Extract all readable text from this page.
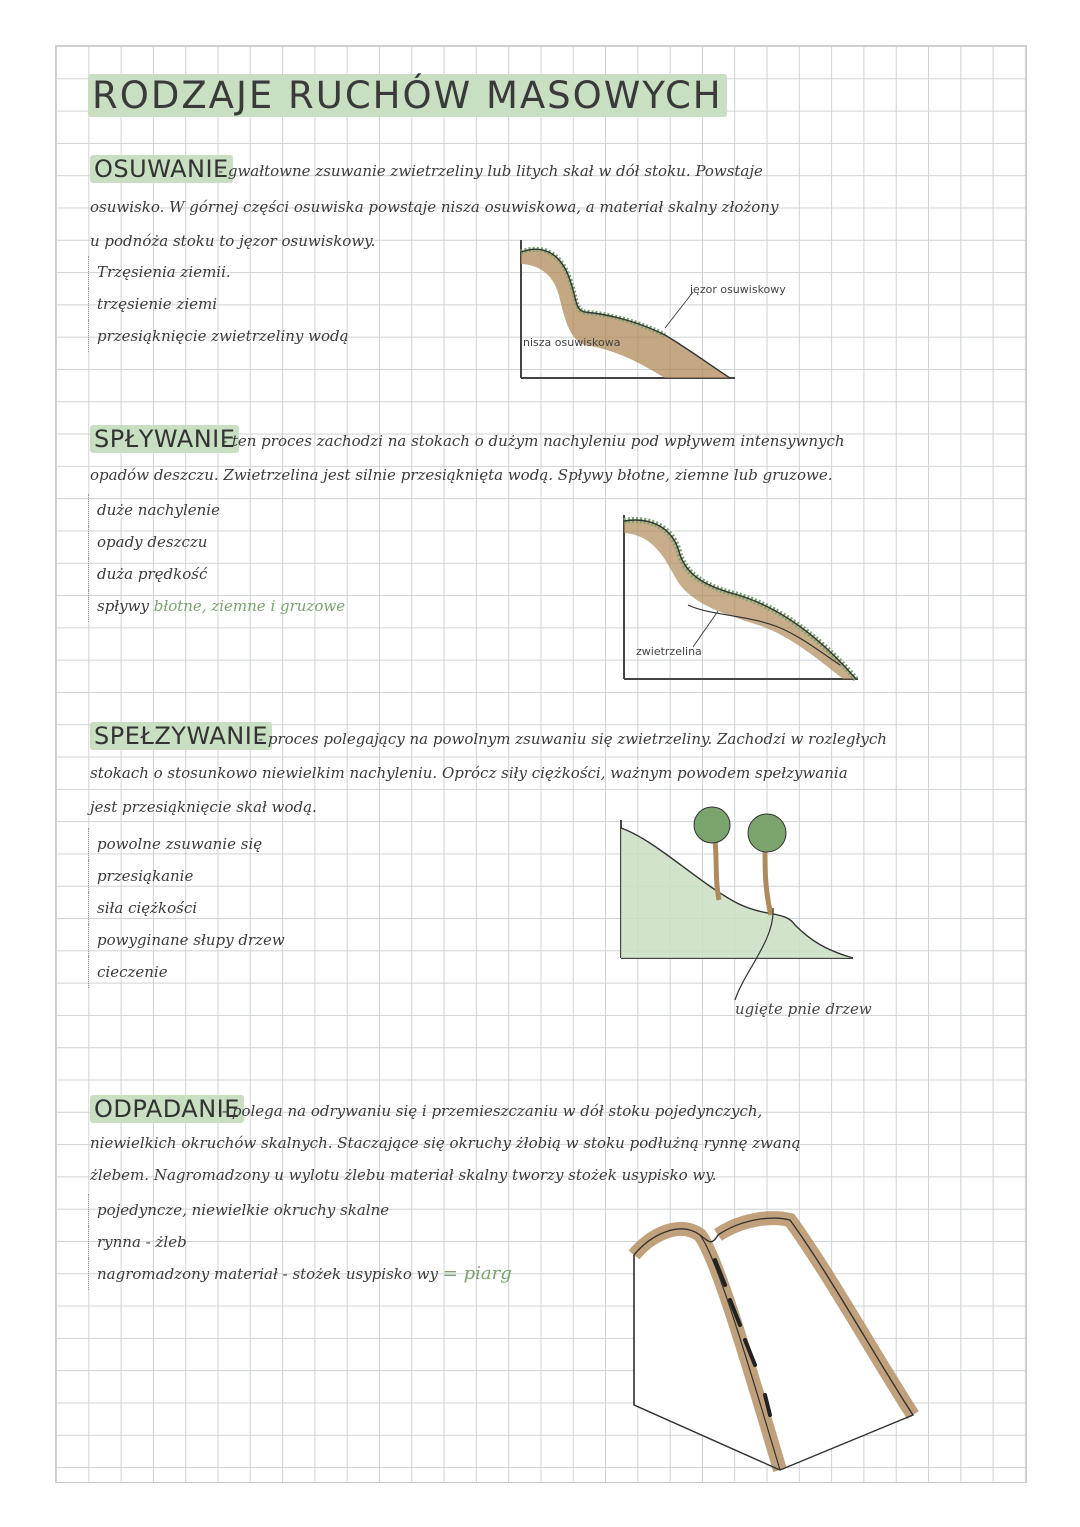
RODZAJE RUCHÓW MASOWYCH
OSUWANIE
- gwałtowne zsuwanie zwietrzeliny lub litych skał w dół stoku. Powstaje
osuwisko. W górnej części osuwiska powstaje nisza osuwiskowa, a materiał skalny złożony
u podnóża stoku to jęzor osuwiskowy.
Trzęsienia ziemii.
trzęsienie ziemi
przesiąknięcie zwietrzeliny wodą
jęzor osuwiskowy
nisza osuwiskowa
SPŁYWANIE
- ten proces zachodzi na stokach o dużym nachyleniu pod wpływem intensywnych
opadów deszczu. Zwietrzelina jest silnie przesiąknięta wodą. Spływy błotne, ziemne lub gruzowe.
duże nachylenie
opady deszczu
duża prędkość
spływy błotne, ziemne i gruzowe
zwietrzelina
SPEŁZYWANIE
- proces polegający na powolnym zsuwaniu się zwietrzeliny. Zachodzi w rozległych
stokach o stosunkowo niewielkim nachyleniu. Oprócz siły ciężkości, ważnym powodem spełzywania
jest przesiąknięcie skał wodą.
powolne zsuwanie się
przesiąkanie
siła ciężkości
powyginane słupy drzew
cieczenie
ugięte pnie drzew
ODPADANIE
- polega na odrywaniu się i przemieszczaniu w dół stoku pojedynczych,
niewielkich okruchów skalnych. Staczające się okruchy żłobią w stoku podłużną rynnę zwaną
żlebem. Nagromadzony u wylotu żlebu materiał skalny tworzy stożek usypisko wy.
pojedyncze, niewielkie okruchy skalne
rynna - żleb
nagromadzony materiał - stożek usypisko wy = piarg
